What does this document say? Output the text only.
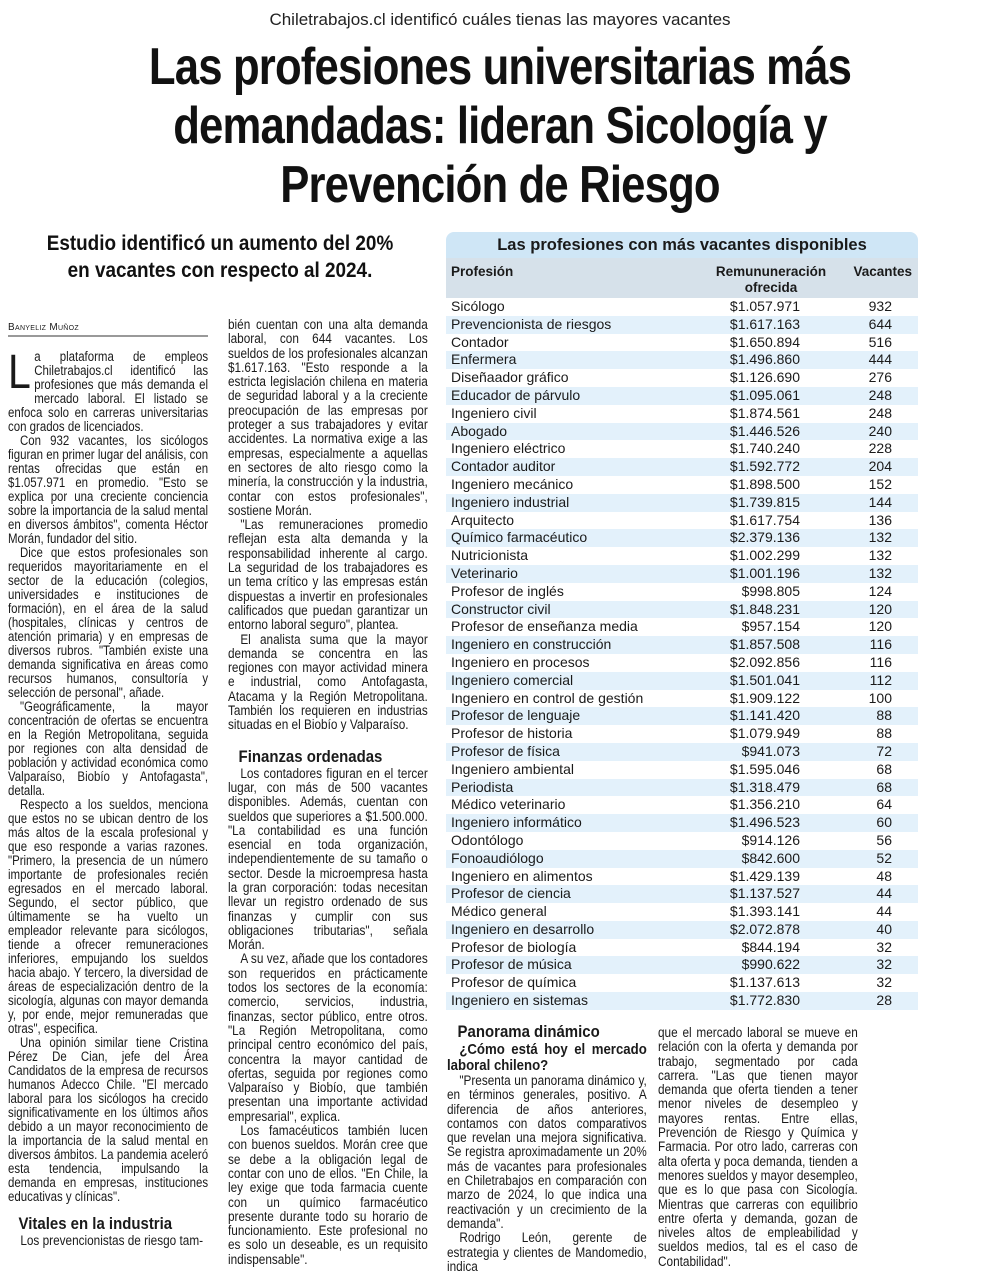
Chiletrabajos.cl identificó cuáles tienas las mayores vacantes
Las profesiones universitarias más
demandadas: lideran Sicología y
Prevención de Riesgo
Estudio identificó un aumento del 20%
en vacantes con respecto al 2024.
Banyeliz Muñoz

La plataforma de empleos Chiletrabajos.cl identificó las profesiones que más demanda el mercado laboral. El listado se enfoca solo en carreras universitarias con grados de licenciados.

Con 932 vacantes, los sicólogos figuran en primer lugar del análisis, con rentas ofrecidas que están en $1.057.971 en promedio. "Esto se explica por una creciente conciencia sobre la importancia de la salud mental en diversos ámbitos", comenta Héctor Morán, fundador del sitio.

Dice que estos profesionales son requeridos mayoritariamente en el sector de la educación (colegios, universidades e instituciones de formación), en el área de la salud (hospitales, clínicas y centros de atención primaria) y en empresas de diversos rubros. "También existe una demanda significativa en áreas como recursos humanos, consultoría y selección de personal", añade.

"Geográficamente, la mayor concentración de ofertas se encuentra en la Región Metropolitana, seguida por regiones con alta densidad de población y actividad económica como Valparaíso, Biobío y Antofagasta", detalla.

Respecto a los sueldos, menciona que estos no se ubican dentro de los más altos de la escala profesional y que eso responde a varias razones. "Primero, la presencia de un número importante de profesionales recién egresados en el mercado laboral. Segundo, el sector público, que últimamente se ha vuelto un empleador relevante para sicólogos, tiende a ofrecer remuneraciones inferiores, empujando los sueldos hacia abajo. Y tercero, la diversidad de áreas de especialización dentro de la sicología, algunas con mayor demanda y, por ende, mejor remuneradas que otras", especifica.

Una opinión similar tiene Cristina Pérez De Cian, jefe del Área Candidatos de la empresa de recursos humanos Adecco Chile. "El mercado laboral para los sicólogos ha crecido significativamente en los últimos años debido a un mayor reconocimiento de la importancia de la salud mental en diversos ámbitos. La pandemia aceleró esta tendencia, impulsando la demanda en empresas, instituciones educativas y clínicas".

Vitales en la industria

Los prevencionistas de riesgo tam-

bién cuentan con una alta demanda laboral, con 644 vacantes. Los sueldos de los profesionales alcanzan $1.617.163. "Esto responde a la estricta legislación chilena en materia de seguridad laboral y a la creciente preocupación de las empresas por proteger a sus trabajadores y evitar accidentes. La normativa exige a las empresas, especialmente a aquellas en sectores de alto riesgo como la minería, la construcción y la industria, contar con estos profesionales", sostiene Morán.

"Las remuneraciones promedio reflejan esta alta demanda y la responsabilidad inherente al cargo. La seguridad de los trabajadores es un tema crítico y las empresas están dispuestas a invertir en profesionales calificados que puedan garantizar un entorno laboral seguro", plantea.

El analista suma que la mayor demanda se concentra en las regiones con mayor actividad minera e industrial, como Antofagasta, Atacama y la Región Metropolitana. También los requieren en industrias situadas en el Biobío y Valparaíso.

Finanzas ordenadas

Los contadores figuran en el tercer lugar, con más de 500 vacantes disponibles. Además, cuentan con sueldos que superiores a $1.500.000. "La contabilidad es una función esencial en toda organización, independientemente de su tamaño o sector. Desde la microempresa hasta la gran corporación: todas necesitan llevar un registro ordenado de sus finanzas y cumplir con sus obligaciones tributarias", señala Morán.

A su vez, añade que los contadores son requeridos en prácticamente todos los sectores de la economía: comercio, servicios, industria, finanzas, sector público, entre otros. "La Región Metropolitana, como principal centro económico del país, concentra la mayor cantidad de ofertas, seguida por regiones como Valparaíso y Biobío, que también presentan una importante actividad empresarial", explica.

Los famacéuticos también lucen con buenos sueldos. Morán cree que se debe a la obligación legal de contar con uno de ellos. "En Chile, la ley exige que toda farmacia cuente con un químico farmacéutico presente durante todo su horario de funcionamiento. Este profesional no es solo un deseable, es un requisito indispensable".

Las profesiones con más vacantes disponibles
Profesión	Remununeración ofrecida
Vacantes
Sicólogo	$1.057.971	932
Prevencionista de riesgos	$1.617.163	644
Contador	$1.650.894	516
Enfermera	$1.496.860	444
Diseñaador gráfico	$1.126.690	276
Educador de párvulo	$1.095.061	248
Ingeniero civil	$1.874.561	248
Abogado	$1.446.526	240
Ingeniero eléctrico	$1.740.240	228
Contador auditor	$1.592.772	204
Ingeniero mecánico	$1.898.500	152
Ingeniero industrial	$1.739.815	144
Arquitecto	$1.617.754	136
Químico farmacéutico	$2.379.136	132
Nutricionista	$1.002.299	132
Veterinario	$1.001.196	132
Profesor de inglés	$998.805	124
Constructor civil	$1.848.231	120
Profesor de enseñanza media	$957.154	120
Ingeniero en construcción	$1.857.508	116
Ingeniero en procesos	$2.092.856	116
Ingeniero comercial	$1.501.041	112
Ingeniero en control de gestión	$1.909.122	100
Profesor de lenguaje	$1.141.420	88
Profesor de historia	$1.079.949	88
Profesor de física	$941.073	72
Ingeniero ambiental	$1.595.046	68
Periodista	$1.318.479	68
Médico veterinario	$1.356.210	64
Ingeniero informático	$1.496.523	60
Odontólogo	$914.126	56
Fonoaudiólogo	$842.600	52
Ingeniero en alimentos	$1.429.139	48
Profesor de ciencia	$1.137.527	44
Médico general	$1.393.141	44
Ingeniero en desarrollo	$2.072.878	40
Profesor de biología	$844.194	32
Profesor de música	$990.622	32
Profesor de química	$1.137.613	32
Ingeniero en sistemas	$1.772.830	28
Panorama dinámico
¿Cómo está hoy el mercado laboral chileno?

"Presenta un panorama dinámico y, en términos generales, positivo. A diferencia de años anteriores, contamos con datos comparativos que revelan una mejora significativa. Se registra aproximadamente un 20% más de vacantes para profesionales en Chiletrabajos en comparación con marzo de 2024, lo que indica una reactivación y un crecimiento de la demanda".

Rodrigo León, gerente de estrategia y clientes de Mandomedio, indica

que el mercado laboral se mueve en relación con la oferta y demanda por trabajo, segmentado por cada carrera. "Las que tienen mayor demanda que oferta tienden a tener menor niveles de desempleo y mayores rentas. Entre ellas, Prevención de Riesgo y Química y Farmacia. Por otro lado, carreras con alta oferta y poca demanda, tienden a menores sueldos y mayor desempleo, que es lo que pasa con Sicología. Mientras que carreras con equilibrio entre oferta y demanda, gozan de niveles altos de empleabilidad y sueldos medios, tal es el caso de Contabilidad".
